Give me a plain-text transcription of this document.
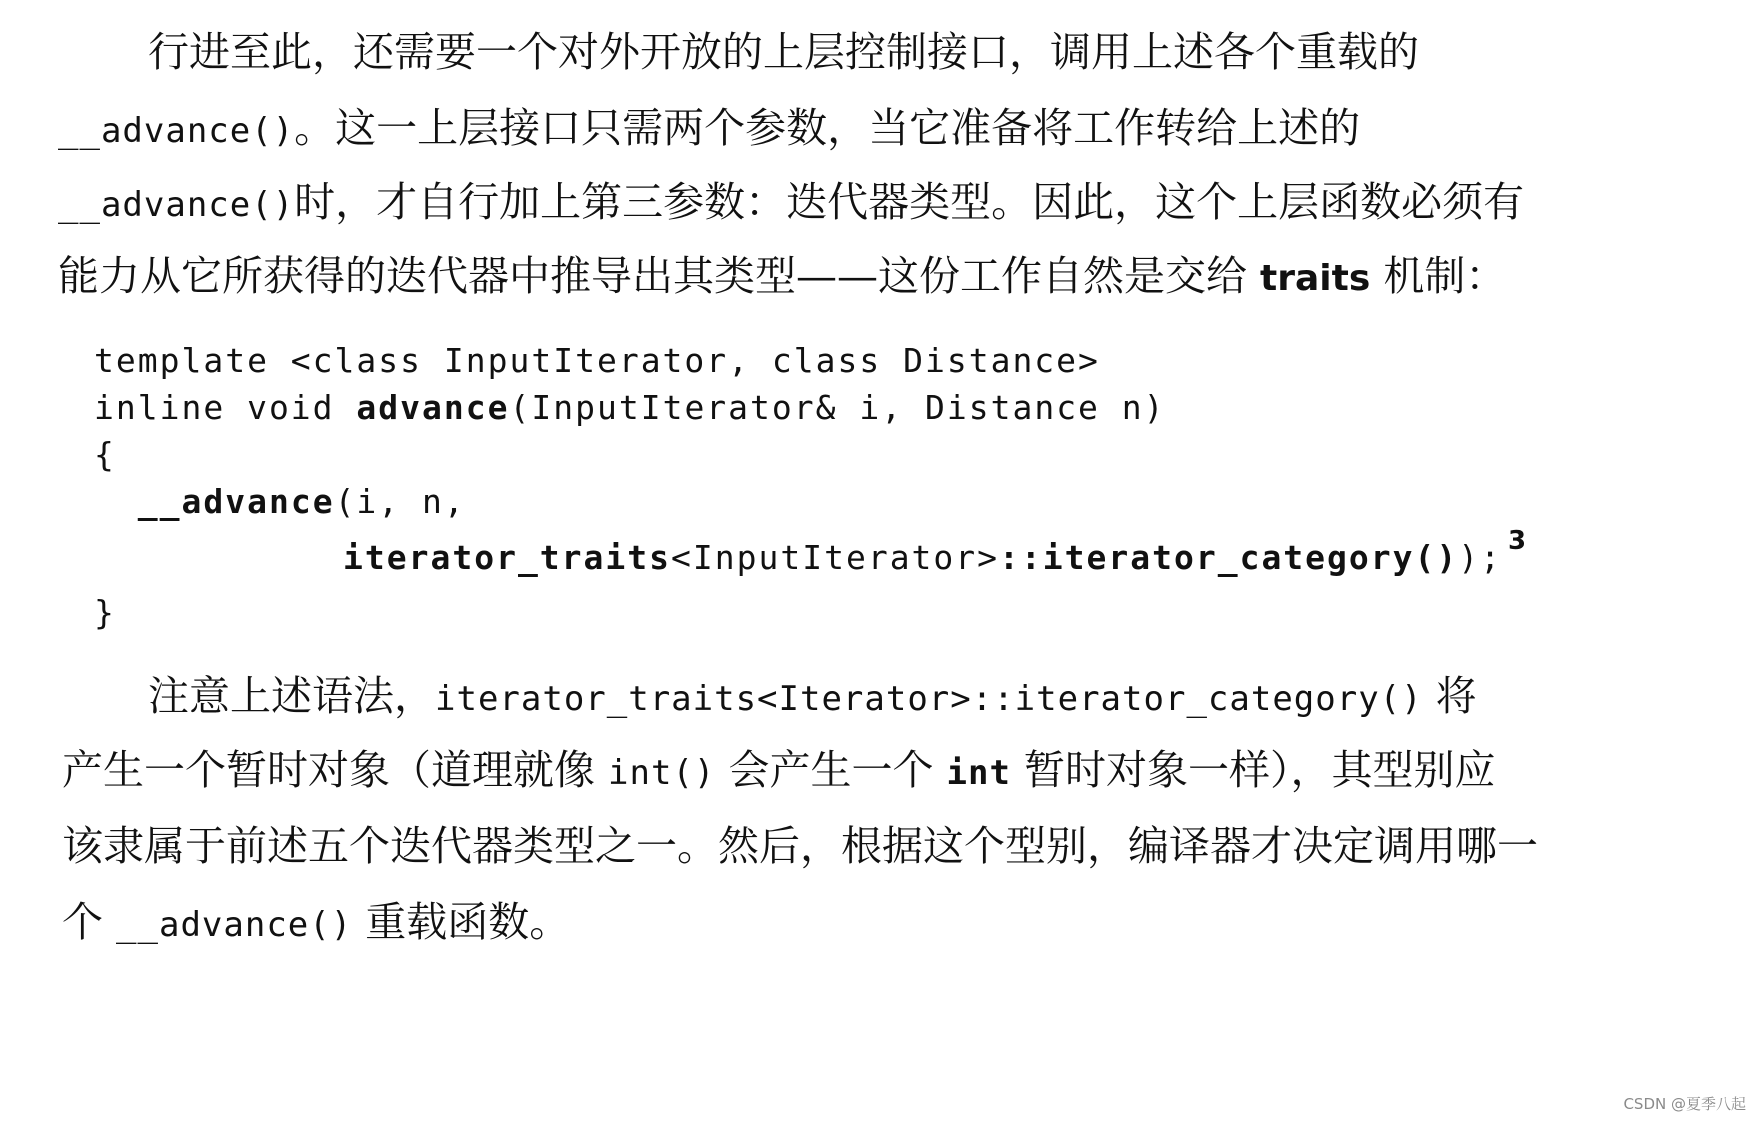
行进至此，还需要一个对外开放的上层控制接口，调用上述各个重载的
__advance()。这一上层接口只需两个参数，当它准备将工作转给上述的
__advance()时，才自行加上第三参数：迭代器类型。因此，这个上层函数必须有
能力从它所获得的迭代器中推导出其类型——这份工作自然是交给 traits 机制：
template <class InputIterator, class Distance>
inline void advance(InputIterator& i, Distance n)
{
__advance(i, n,
iterator_traits<InputIterator>::iterator_category()); $^3$
}
注意上述语法，iterator_traits<Iterator>::iterator_category() 将
产生一个暂时对象（道理就像 int() 会产生一个 int 暂时对象一样），其型别应
该隶属于前述五个迭代器类型之一。然后，根据这个型别，编译器才决定调用哪一
个 __advance() 重载函数。
CSDN @夏季八起
